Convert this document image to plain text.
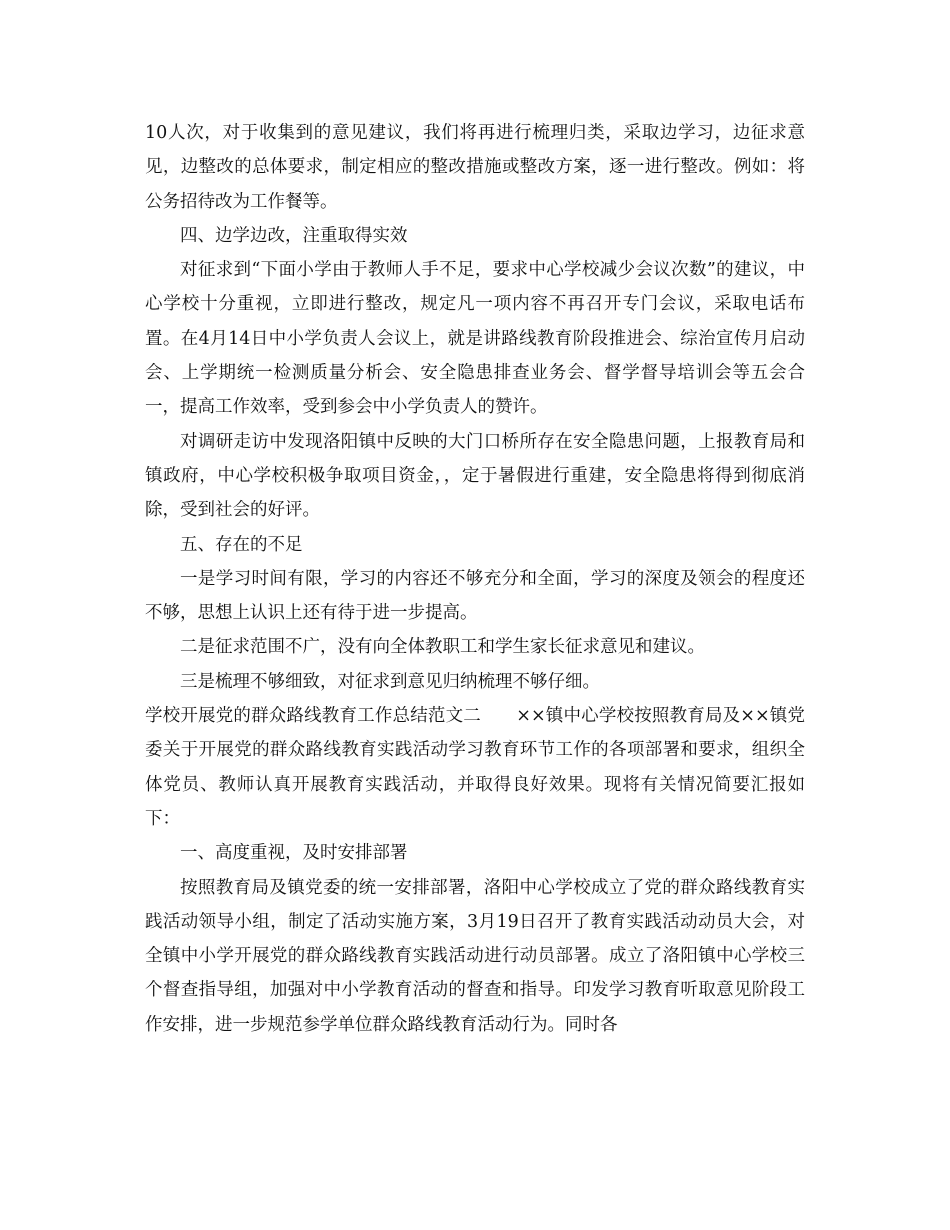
10人次，对于收集到的意见建议，我们将再进行梳理归类，采取边学习，边征求意见，边整改的总体要求，制定相应的整改措施或整改方案，逐一进行整改。例如：将公务招待改为工作餐等。

四、边学边改，注重取得实效

对征求到“下面小学由于教师人手不足，要求中心学校减少会议次数”的建议，中心学校十分重视，立即进行整改，规定凡一项内容不再召开专门会议，采取电话布置。在4月14日中小学负责人会议上，就是讲路线教育阶段推进会、综治宣传月启动会、上学期统一检测质量分析会、安全隐患排查业务会、督学督导培训会等五会合一，提高工作效率，受到参会中小学负责人的赞许。

对调研走访中发现洛阳镇中反映的大门口桥所存在安全隐患问题，上报教育局和镇政府，中心学校积极争取项目资金，，定于暑假进行重建，安全隐患将得到彻底消除，受到社会的好评。

五、存在的不足

一是学习时间有限，学习的内容还不够充分和全面，学习的深度及领会的程度还不够，思想上认识上还有待于进一步提高。

二是征求范围不广，没有向全体教职工和学生家长征求意见和建议。

三是梳理不够细致，对征求到意见归纳梳理不够仔细。

学校开展党的群众路线教育工作总结范文二　　××镇中心学校按照教育局及××镇党委关于开展党的群众路线教育实践活动学习教育环节工作的各项部署和要求，组织全体党员、教师认真开展教育实践活动，并取得良好效果。现将有关情况简要汇报如下：

一、高度重视，及时安排部署

按照教育局及镇党委的统一安排部署，洛阳中心学校成立了党的群众路线教育实践活动领导小组，制定了活动实施方案，3月19日召开了教育实践活动动员大会，对全镇中小学开展党的群众路线教育实践活动进行动员部署。成立了洛阳镇中心学校三个督查指导组，加强对中小学教育活动的督查和指导。印发学习教育听取意见阶段工作安排，进一步规范参学单位群众路线教育活动行为。同时各
